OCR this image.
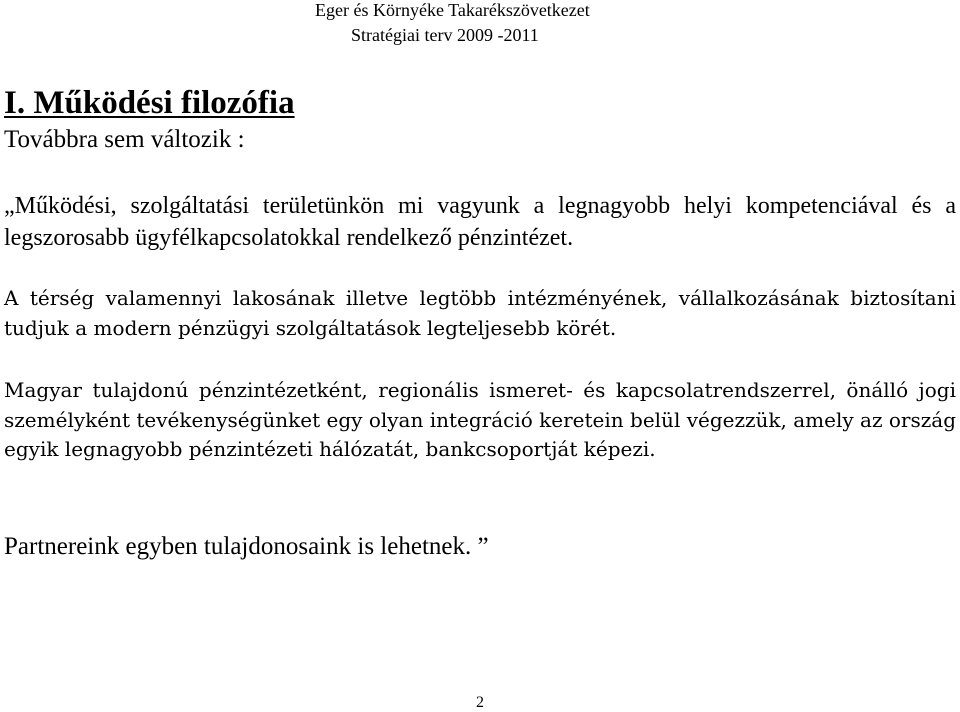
Eger és Környéke Takarékszövetkezet
Stratégiai terv 2009 -2011
I. Működési filozófia
Továbbra sem változik :
„Működési, szolgáltatási területünkön mi vagyunk a legnagyobb helyi kompetenciával és a legszorosabb ügyfélkapcsolatokkal rendelkező pénzintézet.
A térség valamennyi lakosának illetve legtöbb intézményének, vállalkozásának biztosítani tudjuk a modern pénzügyi szolgáltatások legteljesebb körét.
Magyar tulajdonú pénzintézetként, regionális ismeret- és kapcsolatrendszerrel, önálló jogi személyként tevékenységünket egy olyan integráció keretein belül végezzük, amely az ország egyik legnagyobb pénzintézeti hálózatát, bankcsoportját képezi.
Partnereink egyben tulajdonosaink is lehetnek. ”
2
